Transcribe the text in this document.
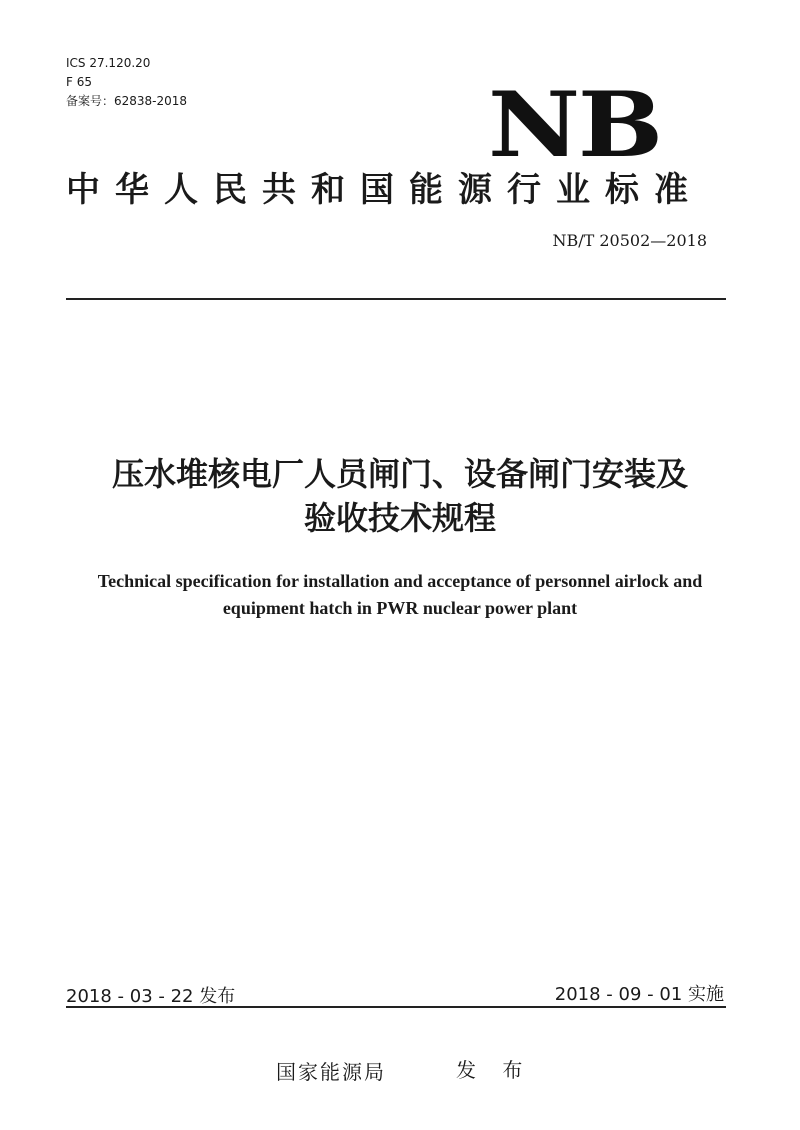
ICS 27.120.20
F 65
备案号：62838-2018	NB
中华人民共和国能源行业标准
NB/T 20502—2018
压水堆核电厂人员闸门、设备闸门安装及
验收技术规程
Technical specification for installation and acceptance of personnel airlock and
equipment hatch in PWR nuclear power plant
2018 - 03 - 22 发布	2018 - 09 - 01 实施
国家能源局	发 布
